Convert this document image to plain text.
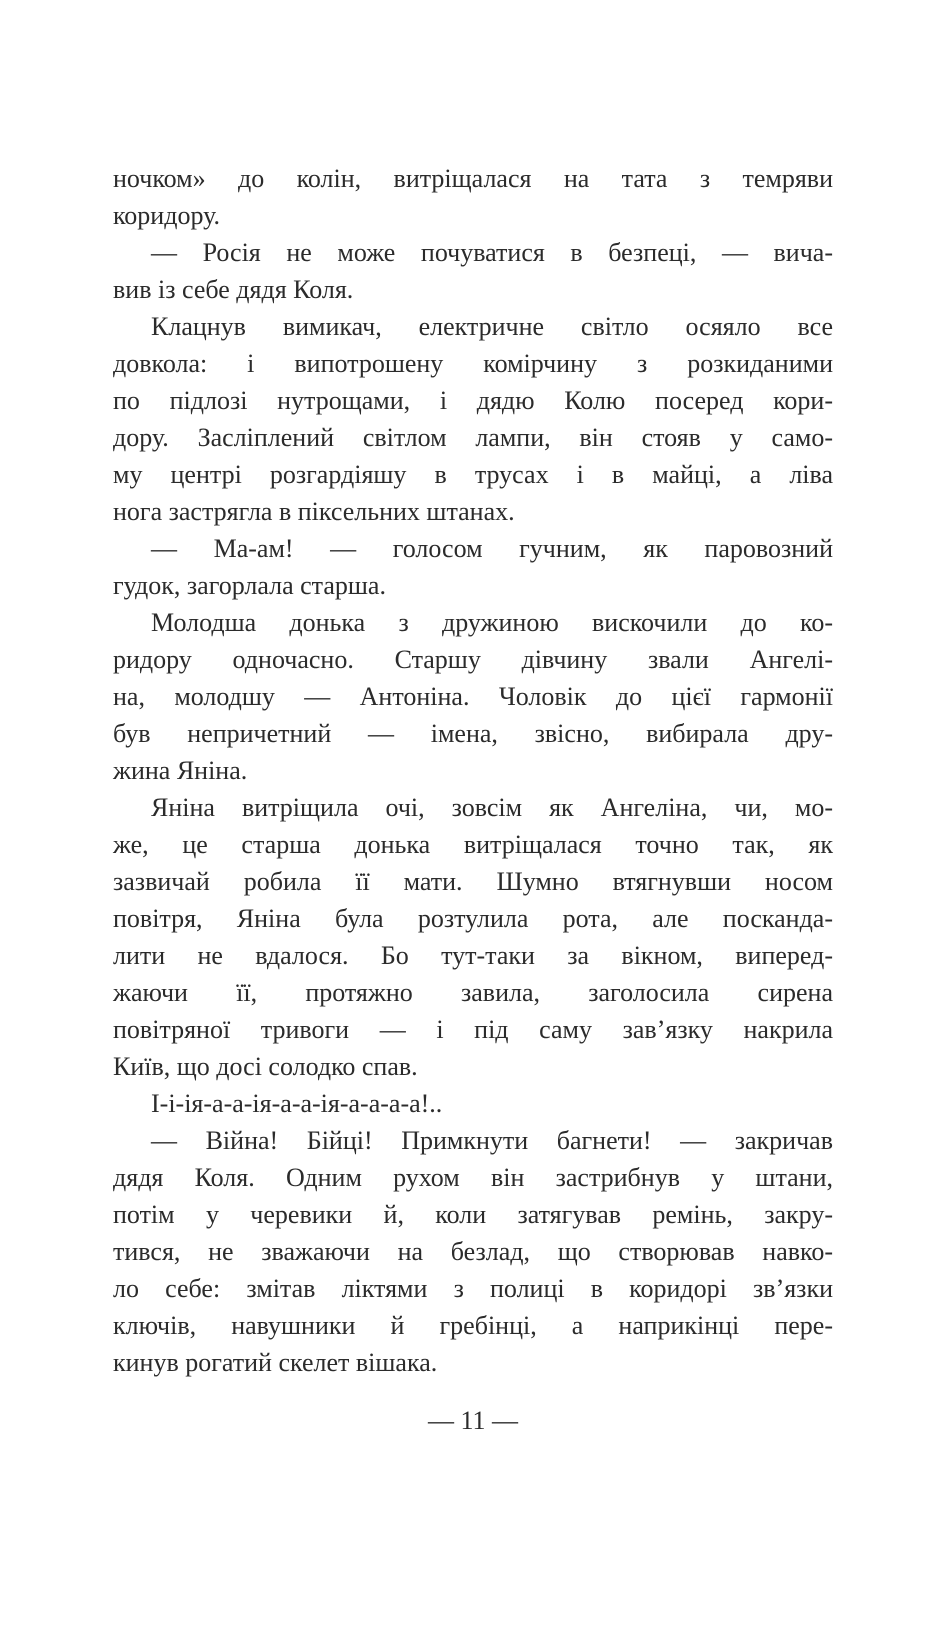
ночком» до колін, витріщалася на тата з темряви
коридору.
— Росія не може почуватися в безпеці, — вича-
вив із себе дядя Коля.
Клацнув вимикач, електричне світло осяяло все
довкола: і випотрошену комірчину з розкиданими
по підлозі нутрощами, і дядю Колю посеред кори-
дору. Засліплений світлом лампи, він стояв у само-
му центрі розгардіяшу в трусах і в майці, а ліва
нога застрягла в піксельних штанах.
— Ма-ам! — голосом гучним, як паровозний
гудок, загорлала старша.
Молодша донька з дружиною вискочили до ко-
ридору одночасно. Старшу дівчину звали Ангелі-
на, молодшу — Антоніна. Чоловік до цієї гармонії
був непричетний — імена, звісно, вибирала дру-
жина Яніна.
Яніна витріщила очі, зовсім як Ангеліна, чи, мо-
же, це старша донька витріщалася точно так, як
зазвичай робила її мати. Шумно втягнувши носом
повітря, Яніна була розтулила рота, але посканда-
лити не вдалося. Бо тут-таки за вікном, виперед-
жаючи її, протяжно завила, заголосила сирена
повітряної тривоги — і під саму зав’язку накрила
Київ, що досі солодко спав.
І-і-ія-а-а-ія-а-а-ія-а-а-а-а!..
— Війна! Бійці! Примкнути багнети! — закричав
дядя Коля. Одним рухом він застрибнув у штани,
потім у черевики й, коли затягував ремінь, закру-
тився, не зважаючи на безлад, що створював навко-
ло себе: змітав ліктями з полиці в коридорі зв’язки
ключів, навушники й гребінці, а наприкінці пере-
кинув рогатий скелет вішака.
— 11 —
